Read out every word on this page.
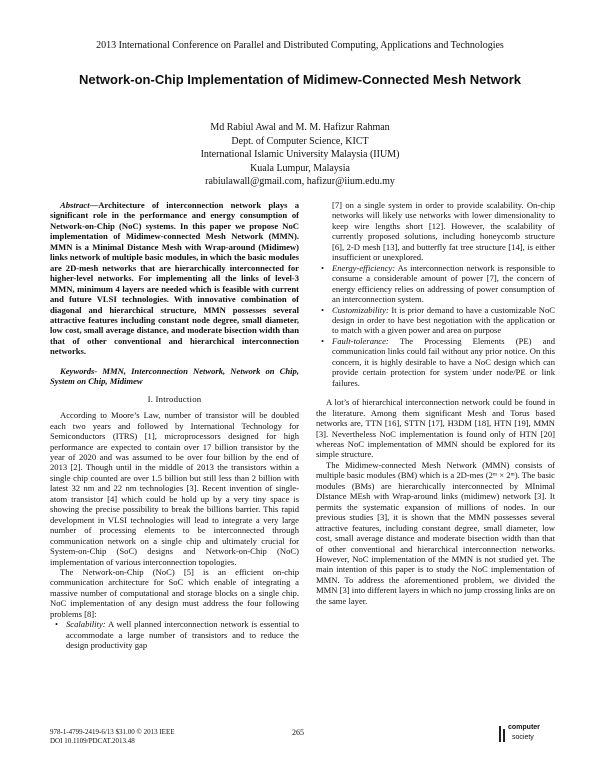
2013 International Conference on Parallel and Distributed Computing, Applications and Technologies
Network-on-Chip Implementation of Midimew-Connected Mesh Network
Md Rabiul Awal and M. M. Hafizur Rahman
Dept. of Computer Science, KICT
International Islamic University Malaysia (IIUM)
Kuala Lumpur, Malaysia
rabiulawall@gmail.com, hafizur@iium.edu.my

Abstract—Architecture of interconnection network plays a significant role in the performance and energy consumption of Network-on-Chip (NoC) systems. In this paper we propose NoC implementation of Midimew-connected Mesh Network (MMN). MMN is a Minimal Distance Mesh with Wrap-around (Midimew) links network of multiple basic modules, in which the basic modules are 2D-mesh networks that are hierarchically interconnected for higher-level networks. For implementing all the links of level-3 MMN, minimum 4 layers are needed which is feasible with current and future VLSI technologies. With innovative combination of diagonal and hierarchical structure, MMN possesses several attractive features including constant node degree, small diameter, low cost, small average distance, and moderate bisection width than that of other conventional and hierarchical interconnection networks.

Keywords- MMN, Interconnection Network, Network on Chip, System on Chip, Midimew

I. Introduction

According to Moore’s Law, number of transistor will be doubled each two years and followed by International Technology for Semiconductors (ITRS) [1], microprocessors designed for high performance are expected to contain over 17 billion transistor by the year of 2020 and was assumed to be over four billion by the end of 2013 [2]. Though until in the middle of 2013 the transistors within a single chip counted are over 1.5 billion but still less than 2 billion with latest 32 nm and 22 nm technologies [3]. Recent invention of single-atom transistor [4] which could be hold up by a very tiny space is showing the precise possibility to break the billions barrier. This rapid development in VLSI technologies will lead to integrate a very large number of processing elements to be interconnected through communication network on a single chip and ultimately crucial for System-on-Chip (SoC) designs and Network-on-Chip (NoC) implementation of various interconnection topologies.

The Network-on-Chip (NoC) [5] is an efficient on-chip communication architecture for SoC which enable of integrating a massive number of computational and storage blocks on a single chip. NoC implementation of any design must address the four following problems [8]:

• Scalability: A well planned interconnection network is essential to accommodate a large number of transistors and to reduce the design productivity gap
[7] on a single system in order to provide scalability. On-chip networks will likely use networks with lower dimensionality to keep wire lengths short [12]. However, the scalability of currently proposed solutions, including honeycomb structure [6], 2-D mesh [13], and butterfly fat tree structure [14], is either insufficient or unexplored.
• Energy-efficiency: As interconnection network is responsible to consume a considerable amount of power [7], the concern of energy efficiency relies on addressing of power consumption of an interconnection system.
• Customizability: It is prior demand to have a customizable NoC design in order to have best negotiation with the application or to match with a given power and area on purpose
• Fault-tolerance: The Processing Elements (PE) and communication links could fail without any prior notice. On this concern, it is highly desirable to have a NoC design which can provide certain protection for system under node/PE or link failures.

A lot’s of hierarchical interconnection network could be found in the literature. Among them significant Mesh and Torus based networks are, TTN [16], STTN [17], H3DM [18], HTN [19], MMN [3]. Nevertheless NoC implementation is found only of HTN [20] whereas NoC implementation of MMN should be explored for its simple structure.

The Midimew-connected Mesh Network (MMN) consists of multiple basic modules (BM) which is a 2D-mes (2ᵐ × 2ᵐ). The basic modules (BMs) are hierarchically interconnected by MInimal DIstance MEsh with Wrap-around links (midimew) network [3]. It permits the systematic expansion of millions of nodes. In our previous studies [3], it is shown that the MMN possesses several attractive features, including constant degree, small diameter, low cost, small average distance and moderate bisection width than that of other conventional and hierarchical interconnection networks. However, NoC implementation of the MMN is not studied yet. The main intention of this paper is to study the NoC implementation of MMN. To address the aforementioned problem, we divided the MMN [3] into different layers in which no jump crossing links are on the same layer.

978-1-4799-2419-6/13 $31.00 © 2013 IEEE
DOI 10.1109/PDCAT.2013.48
265
computer
society
